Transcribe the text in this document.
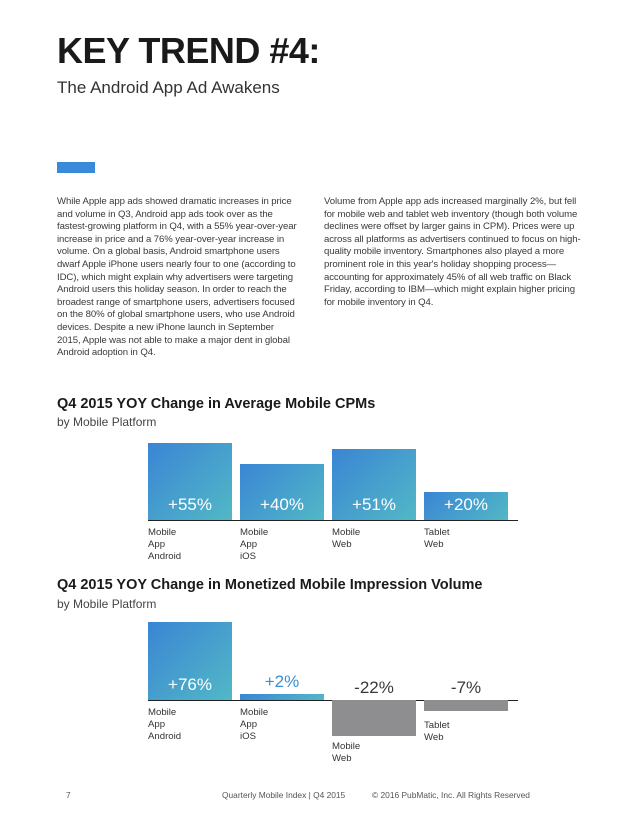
KEY TREND #4:
The Android App Ad Awakens
While Apple app ads showed dramatic increases in price and volume in Q3, Android app ads took over as the fastest-growing platform in Q4, with a 55% year-over-year increase in price and a 76% year-over-year increase in volume. On a global basis, Android smartphone users dwarf Apple iPhone users nearly four to one (according to IDC), which might explain why advertisers were targeting Android users this holiday season. In order to reach the broadest range of smartphone users, advertisers focused on the 80% of global smartphone users, who use Android devices. Despite a new iPhone launch in September 2015, Apple was not able to make a major dent in global Android adoption in Q4.
Volume from Apple app ads increased marginally 2%, but fell for mobile web and tablet web inventory (though both volume declines were offset by larger gains in CPM). Prices were up across all platforms as advertisers continued to focus on high-quality mobile inventory. Smartphones also played a more prominent role in this year's holiday shopping process—accounting for approximately 45% of all web traffic on Black Friday, according to IBM—which might explain higher pricing for mobile inventory in Q4.
Q4 2015 YOY Change in Average Mobile CPMs
by Mobile Platform
+55%
Mobile App
Android
+40%
Mobile App
iOS
+51%
Mobile Web
+20%
Tablet Web
Q4 2015 YOY Change in Monetized Mobile Impression Volume
by Mobile Platform
+76%
Mobile App
Android
+2%
Mobile App
iOS
-22%
Mobile Web
-7%
Tablet Web
7	Quarterly Mobile Index | Q4 2015	© 2016 PubMatic, Inc. All Rights Reserved
